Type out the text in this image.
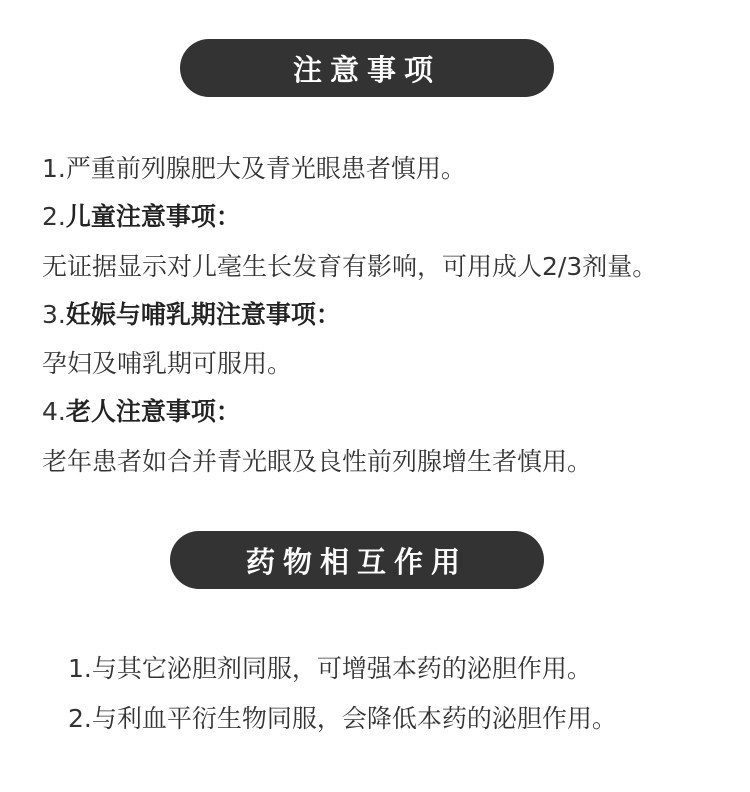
注意事项
1.严重前列腺肥大及青光眼患者慎用。
2.儿童注意事项：
无证据显示对儿毫生长发育有影响，可用成人2/3剂量。
3.妊娠与哺乳期注意事项：
孕妇及哺乳期可服用。
4.老人注意事项：
老年患者如合并青光眼及良性前列腺增生者慎用。
药物相互作用
1.与其它泌胆剂同服，可增强本药的泌胆作用。
2.与利血平衍生物同服，会降低本药的泌胆作用。
